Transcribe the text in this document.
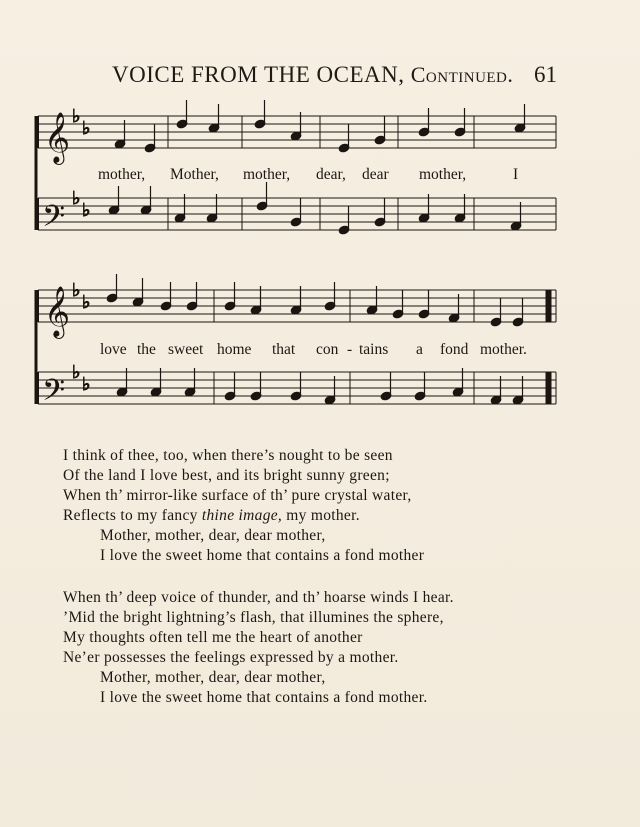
VOICE FROM THE OCEAN, Continued. 61
♭
♭
♭
♭
♭
♭
♭
♭
𝄞
𝄢
𝄞
𝄢
mother, Mother, mother, dear, dear mother,	I
love the sweet home that con - tains a fond mother.
I think of thee, too, when there’s nought to be seen
Of the land I love best, and its bright sunny green;
When th’ mirror-like surface of th’ pure crystal water,
Reflects to my fancy thine image, my mother.
Mother, mother, dear, dear mother,
I love the sweet home that contains a fond mother
When th’ deep voice of thunder, and th’ hoarse winds I hear.
’Mid the bright lightning’s flash, that illumines the sphere,
My thoughts often tell me the heart of another
Ne’er possesses the feelings expressed by a mother.
Mother, mother, dear, dear mother,
I love the sweet home that contains a fond mother.
